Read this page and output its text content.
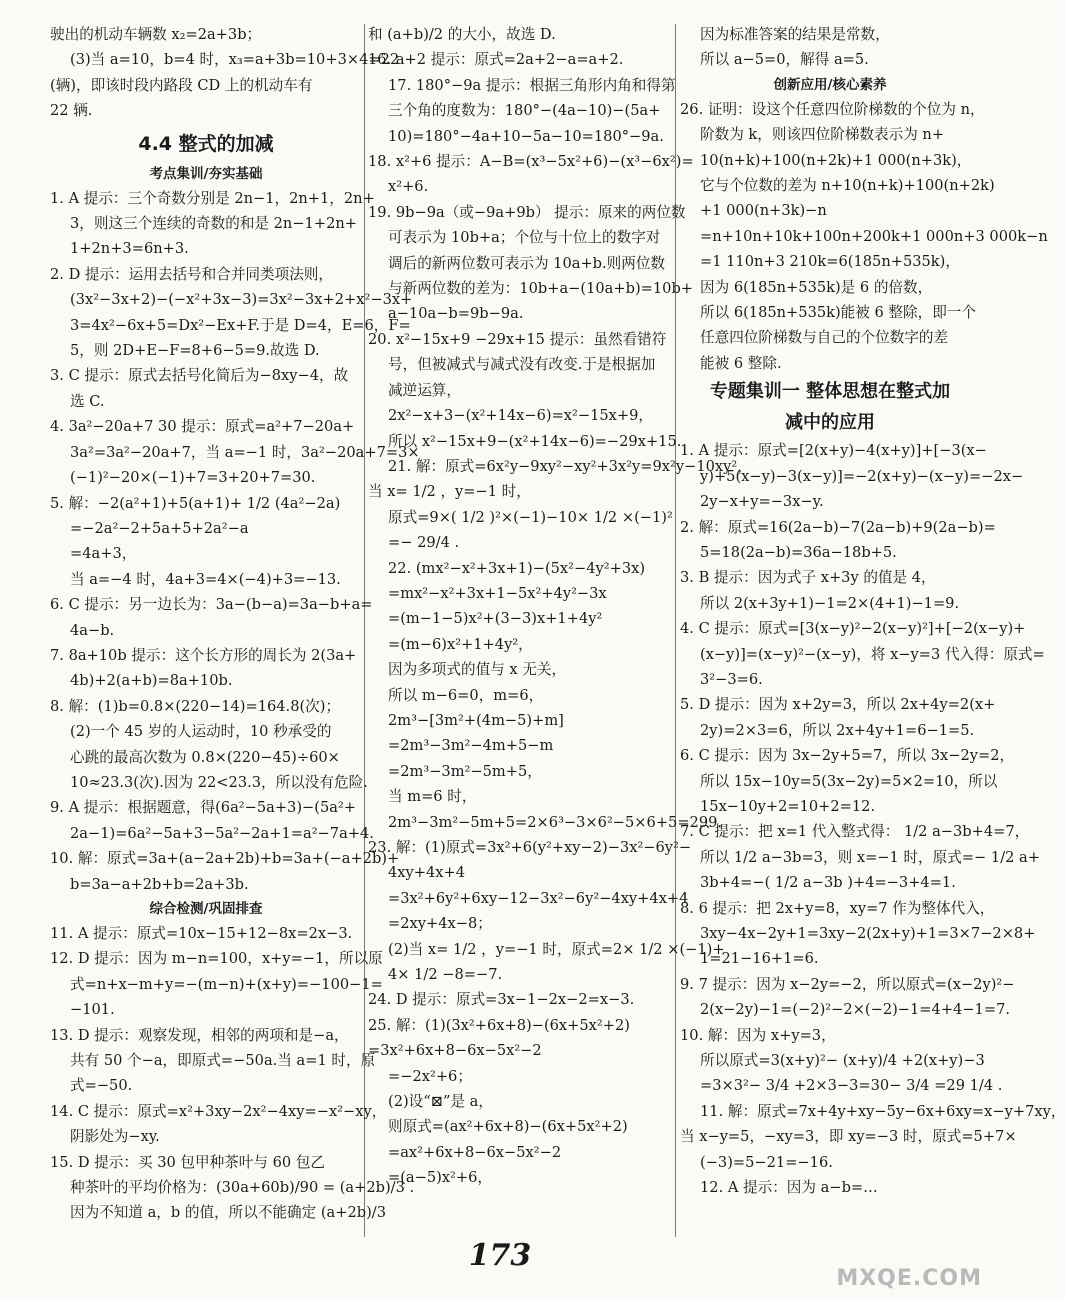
驶出的机动车辆数 x₂=2a+3b；
(3)当 a=10，b=4 时，x₃=a+3b=10+3×4=22
(辆)，即该时段内路段 CD 上的机动车有
22 辆.
4.4 整式的加减
考点集训/夯实基础
1. A 提示：三个奇数分别是 2n−1，2n+1，2n+
3，则这三个连续的奇数的和是 2n−1+2n+
1+2n+3=6n+3.
2. D 提示：运用去括号和合并同类项法则，
(3x²−3x+2)−(−x²+3x−3)=3x²−3x+2+x²−3x+
3=4x²−6x+5=Dx²−Ex+F.于是 D=4，E=6，F=
5，则 2D+E−F=8+6−5=9.故选 D.
3. C 提示：原式去括号化简后为−8xy−4，故
选 C.
4. 3a²−20a+7 30 提示：原式=a²+7−20a+
3a²=3a²−20a+7，当 a=−1 时，3a²−20a+7=3×
(−1)²−20×(−1)+7=3+20+7=30.
5. 解：−2(a²+1)+5(a+1)+ 1/2 (4a²−2a)
=−2a²−2+5a+5+2a²−a
=4a+3，
当 a=−4 时，4a+3=4×(−4)+3=−13.
6. C 提示：另一边长为：3a−(b−a)=3a−b+a=
4a−b.
7. 8a+10b 提示：这个长方形的周长为 2(3a+
4b)+2(a+b)=8a+10b.
8. 解：(1)b=0.8×(220−14)=164.8(次)；
(2)一个 45 岁的人运动时，10 秒承受的
心跳的最高次数为 0.8×(220−45)÷60×
10≈23.3(次).因为 22<23.3，所以没有危险.
9. A 提示：根据题意，得(6a²−5a+3)−(5a²+
2a−1)=6a²−5a+3−5a²−2a+1=a²−7a+4.
10. 解：原式=3a+(a−2a+2b)+b=3a+(−a+2b)+
b=3a−a+2b+b=2a+3b.
综合检测/巩固排查
11. A 提示：原式=10x−15+12−8x=2x−3.
12. D 提示：因为 m−n=100，x+y=−1，所以原
式=n+x−m+y=−(m−n)+(x+y)=−100−1=
−101.
13. D 提示：观察发现，相邻的两项和是−a，
共有 50 个−a，即原式=−50a.当 a=1 时，原
式=−50.
14. C 提示：原式=x²+3xy−2x²−4xy=−x²−xy，
阴影处为−xy.
15. D 提示：买 30 包甲种茶叶与 60 包乙
种茶叶的平均价格为：(30a+60b)/90 = (a+2b)/3 .
因为不知道 a，b 的值，所以不能确定 (a+2b)/3
和 (a+b)/2 的大小，故选 D.
16. a+2 提示：原式=2a+2−a=a+2.
17. 180°−9a 提示：根据三角形内角和得第
三个角的度数为：180°−(4a−10)−(5a+
10)=180°−4a+10−5a−10=180°−9a.
18. x²+6 提示：A−B=(x³−5x²+6)−(x³−6x²)=
x²+6.
19. 9b−9a（或−9a+9b） 提示：原来的两位数
可表示为 10b+a；个位与十位上的数字对
调后的新两位数可表示为 10a+b.则两位数
与新两位数的差为：10b+a−(10a+b)=10b+
a−10a−b=9b−9a.
20. x²−15x+9 −29x+15 提示：虽然看错符
号，但被减式与减式没有改变.于是根据加
减逆运算，
2x²−x+3−(x²+14x−6)=x²−15x+9，
所以 x²−15x+9−(x²+14x−6)=−29x+15.
21. 解：原式=6x²y−9xy²−xy²+3x²y=9x²y−10xy²，
当 x= 1/2 ，y=−1 时，
原式=9×( 1/2 )²×(−1)−10× 1/2 ×(−1)²
=− 29/4 .
22. (mx²−x²+3x+1)−(5x²−4y²+3x)
=mx²−x²+3x+1−5x²+4y²−3x
=(m−1−5)x²+(3−3)x+1+4y²
=(m−6)x²+1+4y²，
因为多项式的值与 x 无关，
所以 m−6=0，m=6，
2m³−[3m²+(4m−5)+m]
=2m³−3m²−4m+5−m
=2m³−3m²−5m+5，
当 m=6 时，
2m³−3m²−5m+5=2×6³−3×6²−5×6+5=299.
23. 解：(1)原式=3x²+6(y²+xy−2)−3x²−6y²−
4xy+4x+4
=3x²+6y²+6xy−12−3x²−6y²−4xy+4x+4
=2xy+4x−8；
(2)当 x= 1/2 ，y=−1 时，原式=2× 1/2 ×(−1)+
4× 1/2 −8=−7.
24. D 提示：原式=3x−1−2x−2=x−3.
25. 解：(1)(3x²+6x+8)−(6x+5x²+2)
=3x²+6x+8−6x−5x²−2
=−2x²+6；
(2)设“⊠”是 a，
则原式=(ax²+6x+8)−(6x+5x²+2)
=ax²+6x+8−6x−5x²−2
=(a−5)x²+6，
因为标准答案的结果是常数，
所以 a−5=0，解得 a=5.
创新应用/核心素养
26. 证明：设这个任意四位阶梯数的个位为 n，
阶数为 k，则该四位阶梯数表示为 n+
10(n+k)+100(n+2k)+1 000(n+3k)，
它与个位数的差为 n+10(n+k)+100(n+2k)
+1 000(n+3k)−n
=n+10n+10k+100n+200k+1 000n+3 000k−n
=1 110n+3 210k=6(185n+535k)，
因为 6(185n+535k)是 6 的倍数，
所以 6(185n+535k)能被 6 整除，即一个
任意四位阶梯数与自己的个位数字的差
能被 6 整除.
专题集训一 整体思想在整式加
减中的应用
1. A 提示：原式=[2(x+y)−4(x+y)]+[−3(x−
y)+5(x−y)−3(x−y)]=−2(x+y)−(x−y)=−2x−
2y−x+y=−3x−y.
2. 解：原式=16(2a−b)−7(2a−b)+9(2a−b)=
5=18(2a−b)=36a−18b+5.
3. B 提示：因为式子 x+3y 的值是 4，
所以 2(x+3y+1)−1=2×(4+1)−1=9.
4. C 提示：原式=[3(x−y)²−2(x−y)²]+[−2(x−y)+
(x−y)]=(x−y)²−(x−y)，将 x−y=3 代入得：原式=
3²−3=6.
5. D 提示：因为 x+2y=3，所以 2x+4y=2(x+
2y)=2×3=6，所以 2x+4y+1=6−1=5.
6. C 提示：因为 3x−2y+5=7，所以 3x−2y=2，
所以 15x−10y=5(3x−2y)=5×2=10，所以
15x−10y+2=10+2=12.
7. C 提示：把 x=1 代入整式得： 1/2 a−3b+4=7，
所以 1/2 a−3b=3，则 x=−1 时，原式=− 1/2 a+
3b+4=−( 1/2 a−3b )+4=−3+4=1.
8. 6 提示：把 2x+y=8，xy=7 作为整体代入，
3xy−4x−2y+1=3xy−2(2x+y)+1=3×7−2×8+
1=21−16+1=6.
9. 7 提示：因为 x−2y=−2，所以原式=(x−2y)²−
2(x−2y)−1=(−2)²−2×(−2)−1=4+4−1=7.
10. 解：因为 x+y=3，
所以原式=3(x+y)²− (x+y)/4 +2(x+y)−3
=3×3²− 3/4 +2×3−3=30− 3/4 =29 1/4 .
11. 解：原式=7x+4y+xy−5y−6x+6xy=x−y+7xy，
当 x−y=5，−xy=3，即 xy=−3 时，原式=5+7×
(−3)=5−21=−16.
12. A 提示：因为 a−b=…
173
MXQE.COM
